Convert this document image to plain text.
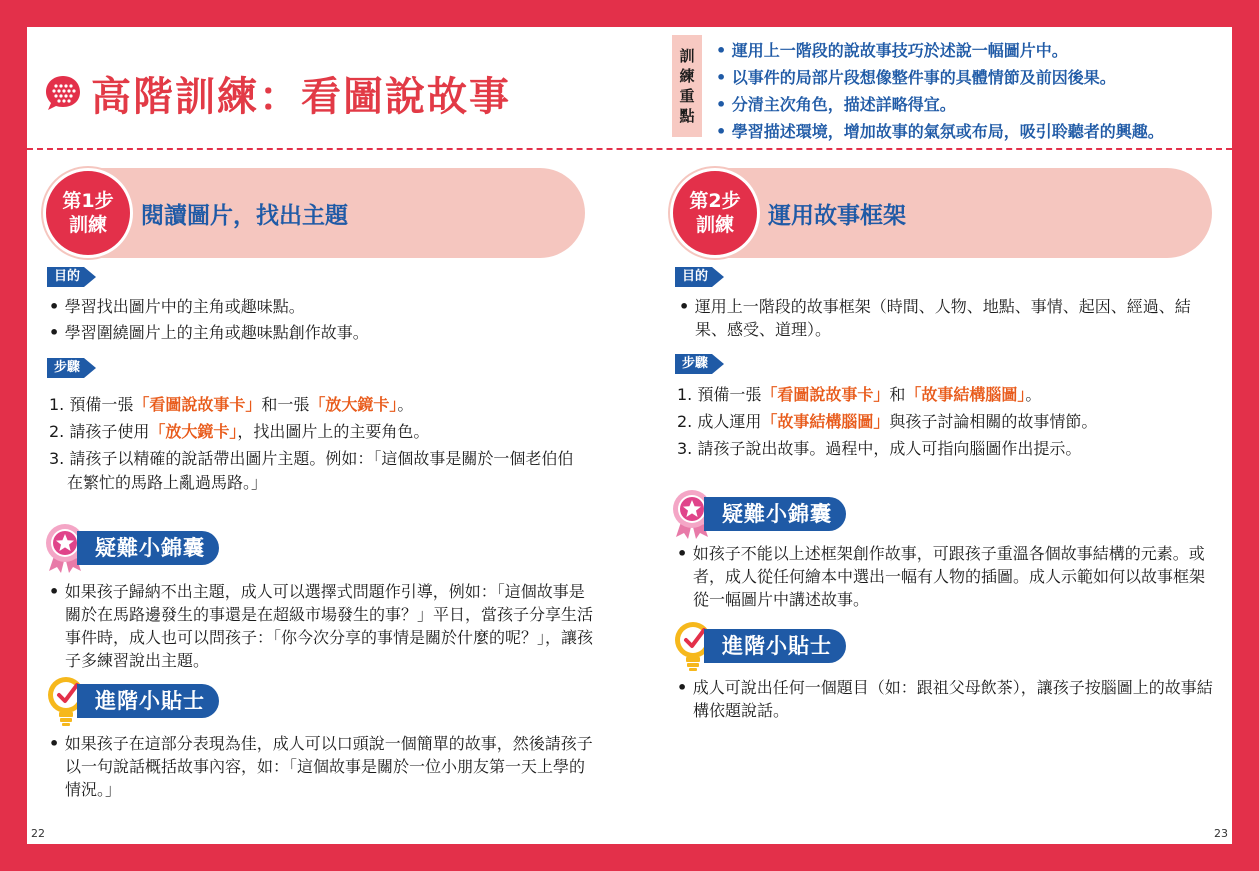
高階訓練：看圖說故事
訓
練
重
點
• 運用上一階段的說故事技巧於述說一幅圖片中。
• 以事件的局部片段想像整件事的具體情節及前因後果。
• 分清主次角色，描述詳略得宜。
• 學習描述環境，增加故事的氣氛或布局，吸引聆聽者的興趣。
第1步
訓練 閱讀圖片，找出主題
目的
• 學習找出圖片中的主角或趣味點。
• 學習圍繞圖片上的主角或趣味點創作故事。
步驟
1. 預備一張「看圖說故事卡」和一張「放大鏡卡」。
2. 請孩子使用「放大鏡卡」，找出圖片上的主要角色。
3. 請孩子以精確的說話帶出圖片主題。例如：「這個故事是關於一個老伯伯在繁忙的馬路上亂過馬路。」
疑難小錦囊
• 如果孩子歸納不出主題，成人可以選擇式問題作引導，例如：「這個故事是關於在馬路邊發生的事還是在超級市場發生的事？」平日，當孩子分享生活事件時，成人也可以問孩子：「你今次分享的事情是關於什麼的呢？」，讓孩子多練習說出主題。
進階小貼士
• 如果孩子在這部分表現為佳，成人可以口頭說一個簡單的故事，然後請孩子以一句說話概括故事內容，如：「這個故事是關於一位小朋友第一天上學的情況。」
第2步
訓練 運用故事框架
目的
• 運用上一階段的故事框架（時間、人物、地點、事情、起因、經過、結果、感受、道理）。
步驟
1. 預備一張「看圖說故事卡」和「故事結構腦圖」。
2. 成人運用「故事結構腦圖」與孩子討論相關的故事情節。
3. 請孩子說出故事。過程中，成人可指向腦圖作出提示。
疑難小錦囊
• 如孩子不能以上述框架創作故事，可跟孩子重溫各個故事結構的元素。或者，成人從任何繪本中選出一幅有人物的插圖。成人示範如何以故事框架從一幅圖片中講述故事。
進階小貼士
• 成人可說出任何一個題目（如：跟祖父母飲茶），讓孩子按腦圖上的故事結構依題說話。
22	23
